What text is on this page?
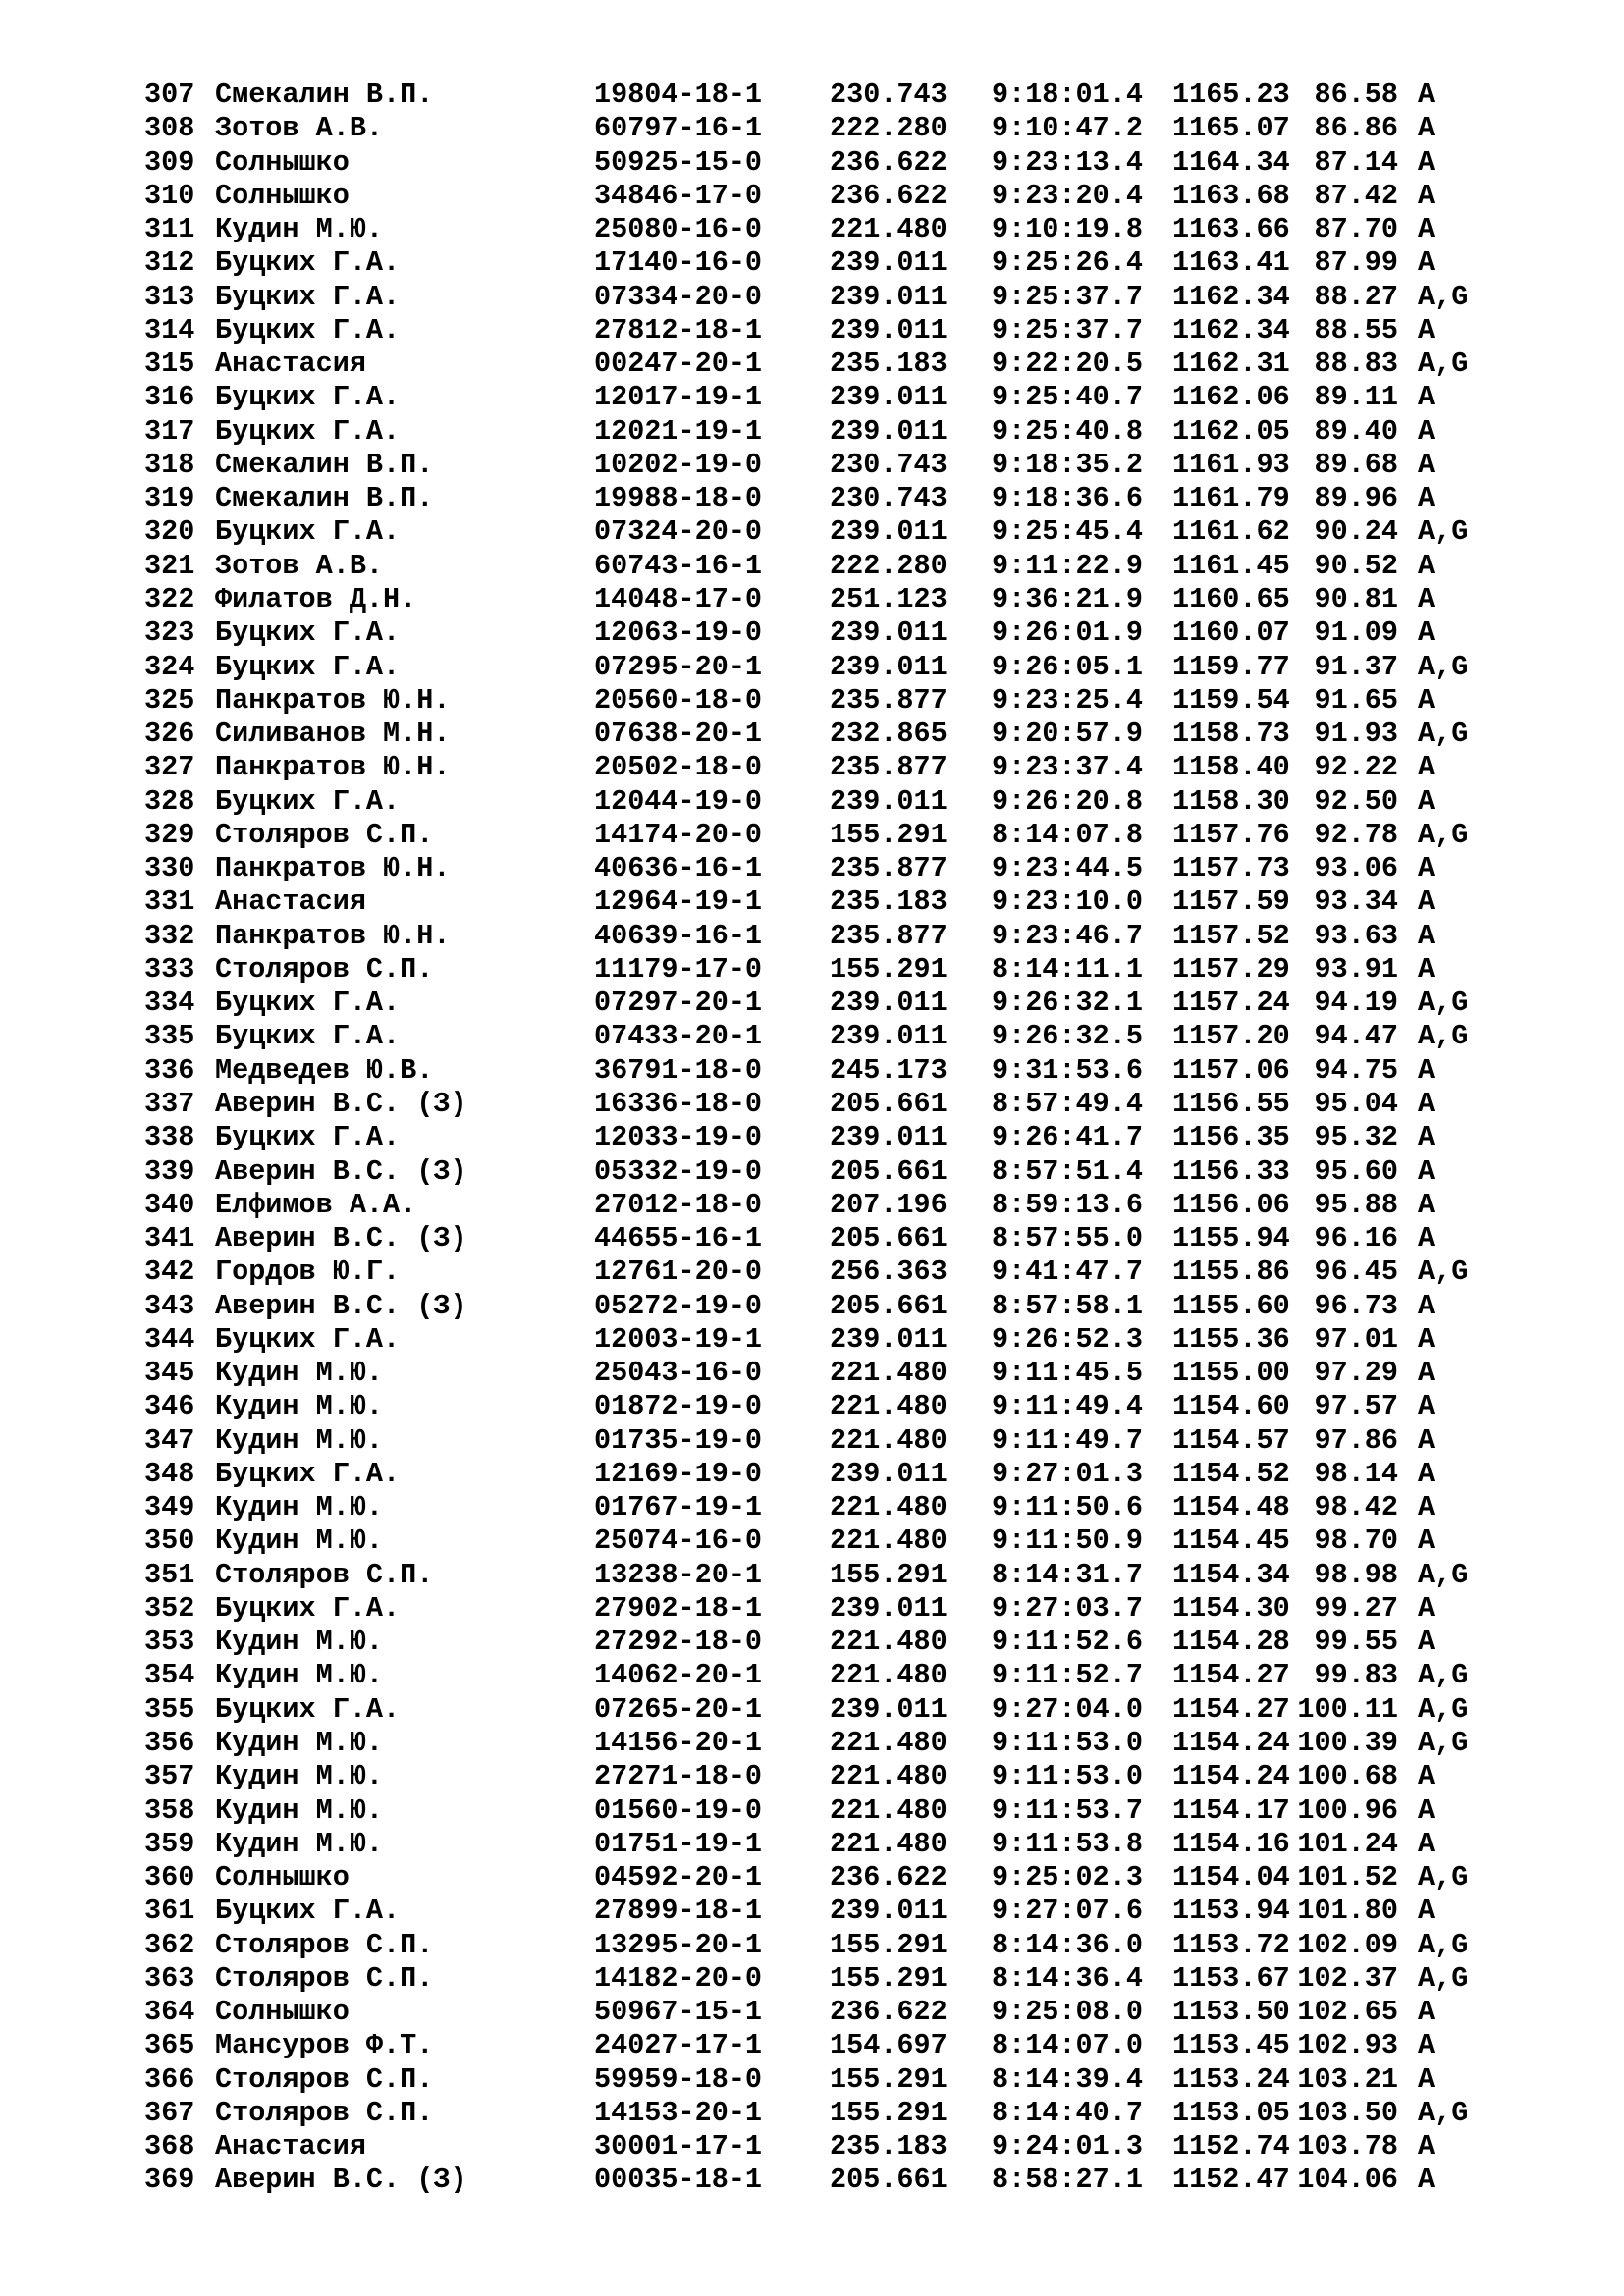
307 Смекалин В.П.	19804-18-1 230.743 9:18:01.4 1165.23 86.58 A
308 Зотов А.В.	60797-16-1 222.280 9:10:47.2 1165.07 86.86 A
309 Солнышко	50925-15-0 236.622 9:23:13.4 1164.34 87.14 A
310 Солнышко	34846-17-0 236.622 9:23:20.4 1163.68 87.42 A
311 Кудин М.Ю.	25080-16-0 221.480 9:10:19.8 1163.66 87.70 A
312 Буцких Г.А.	17140-16-0 239.011 9:25:26.4 1163.41 87.99 A
313 Буцких Г.А.	07334-20-0 239.011 9:25:37.7 1162.34 88.27 A,G
314 Буцких Г.А.	27812-18-1 239.011 9:25:37.7 1162.34 88.55 A
315 Анастасия	00247-20-1 235.183 9:22:20.5 1162.31 88.83 A,G
316 Буцких Г.А.	12017-19-1 239.011 9:25:40.7 1162.06 89.11 A
317 Буцких Г.А.	12021-19-1 239.011 9:25:40.8 1162.05 89.40 A
318 Смекалин В.П.	10202-19-0 230.743 9:18:35.2 1161.93 89.68 A
319 Смекалин В.П.	19988-18-0 230.743 9:18:36.6 1161.79 89.96 A
320 Буцких Г.А.	07324-20-0 239.011 9:25:45.4 1161.62 90.24 A,G
321 Зотов А.В.	60743-16-1 222.280 9:11:22.9 1161.45 90.52 A
322 Филатов Д.Н.	14048-17-0 251.123 9:36:21.9 1160.65 90.81 A
323 Буцких Г.А.	12063-19-0 239.011 9:26:01.9 1160.07 91.09 A
324 Буцких Г.А.	07295-20-1 239.011 9:26:05.1 1159.77 91.37 A,G
325 Панкратов Ю.Н.	20560-18-0 235.877 9:23:25.4 1159.54 91.65 A
326 Силиванов М.Н.	07638-20-1 232.865 9:20:57.9 1158.73 91.93 A,G
327 Панкратов Ю.Н.	20502-18-0 235.877 9:23:37.4 1158.40 92.22 A
328 Буцких Г.А.	12044-19-0 239.011 9:26:20.8 1158.30 92.50 A
329 Столяров С.П.	14174-20-0 155.291 8:14:07.8 1157.76 92.78 A,G
330 Панкратов Ю.Н.	40636-16-1 235.877 9:23:44.5 1157.73 93.06 A
331 Анастасия	12964-19-1 235.183 9:23:10.0 1157.59 93.34 A
332 Панкратов Ю.Н.	40639-16-1 235.877 9:23:46.7 1157.52 93.63 A
333 Столяров С.П.	11179-17-0 155.291 8:14:11.1 1157.29 93.91 A
334 Буцких Г.А.	07297-20-1 239.011 9:26:32.1 1157.24 94.19 A,G
335 Буцких Г.А.	07433-20-1 239.011 9:26:32.5 1157.20 94.47 A,G
336 Медведев Ю.В.	36791-18-0 245.173 9:31:53.6 1157.06 94.75 A
337 Аверин В.С. (З)	16336-18-0 205.661 8:57:49.4 1156.55 95.04 A
338 Буцких Г.А.	12033-19-0 239.011 9:26:41.7 1156.35 95.32 A
339 Аверин В.С. (З)	05332-19-0 205.661 8:57:51.4 1156.33 95.60 A
340 Елфимов А.А.	27012-18-0 207.196 8:59:13.6 1156.06 95.88 A
341 Аверин В.С. (З)	44655-16-1 205.661 8:57:55.0 1155.94 96.16 A
342 Гордов Ю.Г.	12761-20-0 256.363 9:41:47.7 1155.86 96.45 A,G
343 Аверин В.С. (З)	05272-19-0 205.661 8:57:58.1 1155.60 96.73 A
344 Буцких Г.А.	12003-19-1 239.011 9:26:52.3 1155.36 97.01 A
345 Кудин М.Ю.	25043-16-0 221.480 9:11:45.5 1155.00 97.29 A
346 Кудин М.Ю.	01872-19-0 221.480 9:11:49.4 1154.60 97.57 A
347 Кудин М.Ю.	01735-19-0 221.480 9:11:49.7 1154.57 97.86 A
348 Буцких Г.А.	12169-19-0 239.011 9:27:01.3 1154.52 98.14 A
349 Кудин М.Ю.	01767-19-1 221.480 9:11:50.6 1154.48 98.42 A
350 Кудин М.Ю.	25074-16-0 221.480 9:11:50.9 1154.45 98.70 A
351 Столяров С.П.	13238-20-1 155.291 8:14:31.7 1154.34 98.98 A,G
352 Буцких Г.А.	27902-18-1 239.011 9:27:03.7 1154.30 99.27 A
353 Кудин М.Ю.	27292-18-0 221.480 9:11:52.6 1154.28 99.55 A
354 Кудин М.Ю.	14062-20-1 221.480 9:11:52.7 1154.27 99.83 A,G
355 Буцких Г.А.	07265-20-1 239.011 9:27:04.0 1154.27 100.11 A,G
356 Кудин М.Ю.	14156-20-1 221.480 9:11:53.0 1154.24 100.39 A,G
357 Кудин М.Ю.	27271-18-0 221.480 9:11:53.0 1154.24 100.68 A
358 Кудин М.Ю.	01560-19-0 221.480 9:11:53.7 1154.17 100.96 A
359 Кудин М.Ю.	01751-19-1 221.480 9:11:53.8 1154.16 101.24 A
360 Солнышко	04592-20-1 236.622 9:25:02.3 1154.04 101.52 A,G
361 Буцких Г.А.	27899-18-1 239.011 9:27:07.6 1153.94 101.80 A
362 Столяров С.П.	13295-20-1 155.291 8:14:36.0 1153.72 102.09 A,G
363 Столяров С.П.	14182-20-0 155.291 8:14:36.4 1153.67 102.37 A,G
364 Солнышко	50967-15-1 236.622 9:25:08.0 1153.50 102.65 A
365 Мансуров Ф.Т.	24027-17-1 154.697 8:14:07.0 1153.45 102.93 A
366 Столяров С.П.	59959-18-0 155.291 8:14:39.4 1153.24 103.21 A
367 Столяров С.П.	14153-20-1 155.291 8:14:40.7 1153.05 103.50 A,G
368 Анастасия	30001-17-1 235.183 9:24:01.3 1152.74 103.78 A
369 Аверин В.С. (З)	00035-18-1 205.661 8:58:27.1 1152.47 104.06 A
